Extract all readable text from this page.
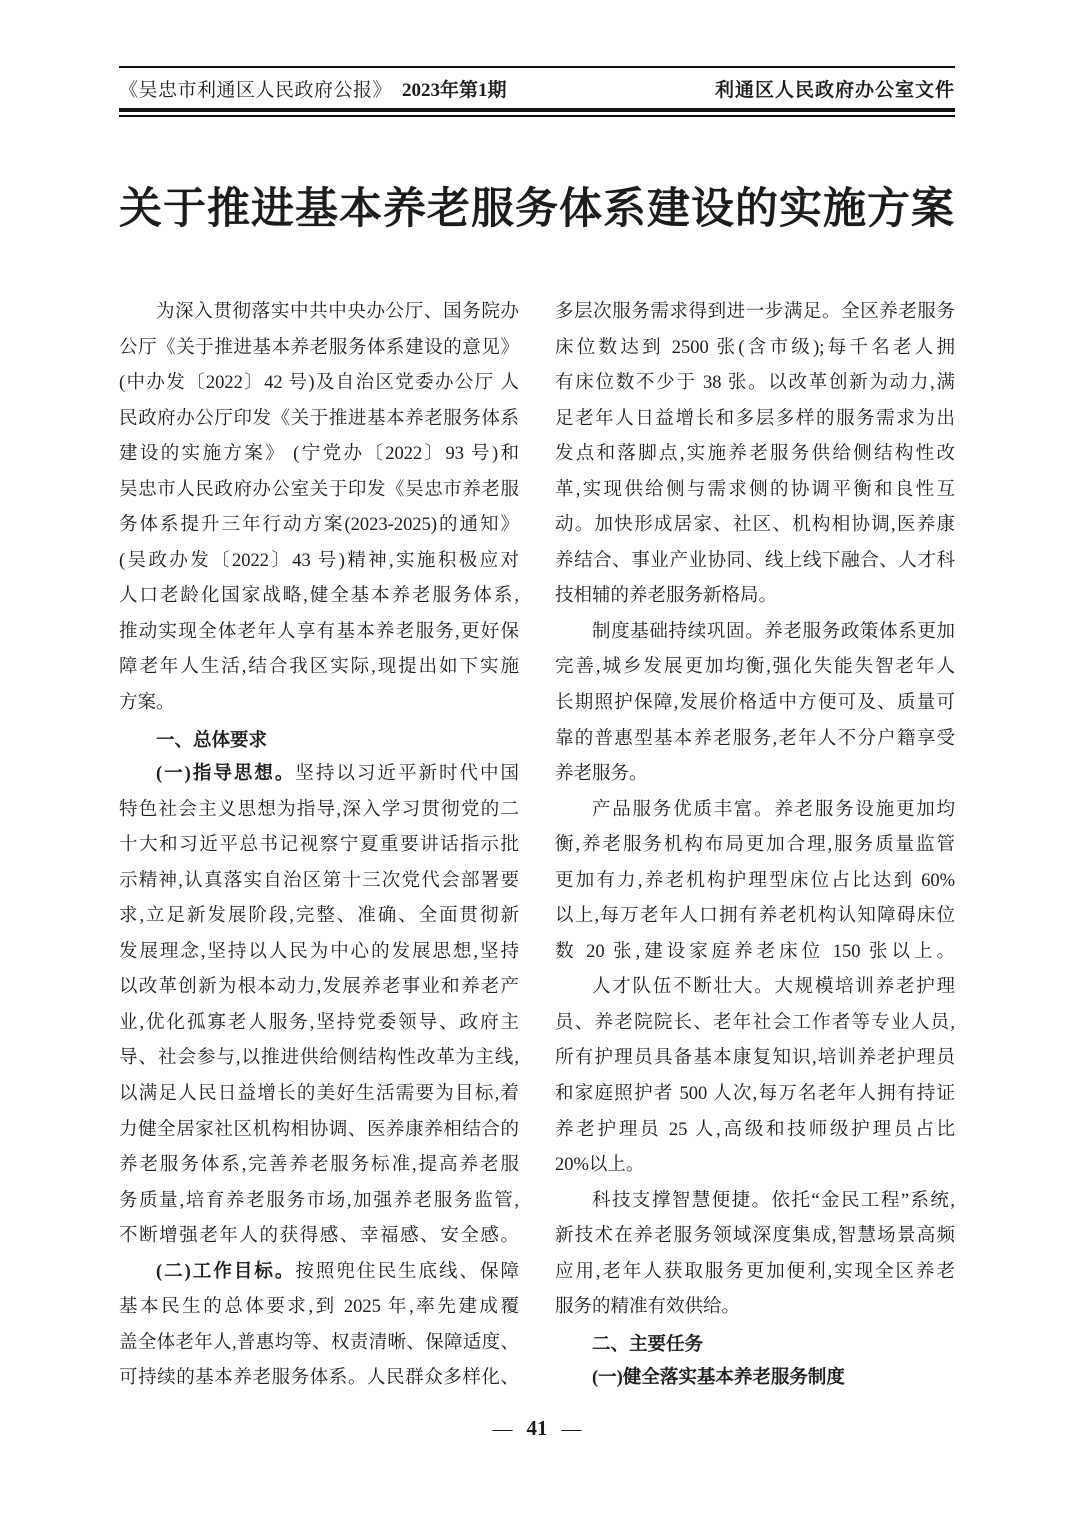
《吴忠市利通区人民政府公报》 2023年第1期	利通区人民政府办公室文件
关于推进基本养老服务体系建设的实施方案
为深入贯彻落实中共中央办公厅、国务院办
公厅《关于推进基本养老服务体系建设的意见》
(中办发〔2022〕42 号)及自治区党委办公厅 人
民政府办公厅印发《关于推进基本养老服务体系
建设的实施方案》 (宁党办〔2022〕93 号)和
吴忠市人民政府办公室关于印发《吴忠市养老服
务体系提升三年行动方案(2023-2025)的通知》
(吴政办发〔2022〕43 号)精神,实施积极应对
人口老龄化国家战略,健全基本养老服务体系,
推动实现全体老年人享有基本养老服务,更好保
障老年人生活,结合我区实际,现提出如下实施
方案。
一、总体要求
(一)指导思想。坚持以习近平新时代中国
特色社会主义思想为指导,深入学习贯彻党的二
十大和习近平总书记视察宁夏重要讲话指示批
示精神,认真落实自治区第十三次党代会部署要
求,立足新发展阶段,完整、准确、全面贯彻新
发展理念,坚持以人民为中心的发展思想,坚持
以改革创新为根本动力,发展养老事业和养老产
业,优化孤寡老人服务,坚持党委领导、政府主
导、社会参与,以推进供给侧结构性改革为主线,
以满足人民日益增长的美好生活需要为目标,着
力健全居家社区机构相协调、医养康养相结合的
养老服务体系,完善养老服务标准,提高养老服
务质量,培育养老服务市场,加强养老服务监管,
不断增强老年人的获得感、幸福感、安全感。
(二)工作目标。按照兜住民生底线、保障
基本民生的总体要求,到 2025 年,率先建成覆
盖全体老年人,普惠均等、权责清晰、保障适度、
可持续的基本养老服务体系。人民群众多样化、
多层次服务需求得到进一步满足。全区养老服务
床位数达到 2500 张(含市级);每千名老人拥
有床位数不少于 38 张。以改革创新为动力,满
足老年人日益增长和多层多样的服务需求为出
发点和落脚点,实施养老服务供给侧结构性改
革,实现供给侧与需求侧的协调平衡和良性互
动。加快形成居家、社区、机构相协调,医养康
养结合、事业产业协同、线上线下融合、人才科
技相辅的养老服务新格局。
制度基础持续巩固。养老服务政策体系更加
完善,城乡发展更加均衡,强化失能失智老年人
长期照护保障,发展价格适中方便可及、质量可
靠的普惠型基本养老服务,老年人不分户籍享受
养老服务。
产品服务优质丰富。养老服务设施更加均
衡,养老服务机构布局更加合理,服务质量监管
更加有力,养老机构护理型床位占比达到 60%
以上,每万老年人口拥有养老机构认知障碍床位
数 20 张,建设家庭养老床位 150 张以上。
人才队伍不断壮大。大规模培训养老护理
员、养老院院长、老年社会工作者等专业人员,
所有护理员具备基本康复知识,培训养老护理员
和家庭照护者 500 人次,每万名老年人拥有持证
养老护理员 25 人,高级和技师级护理员占比
20%以上。
科技支撑智慧便捷。依托“金民工程”系统,
新技术在养老服务领域深度集成,智慧场景高频
应用,老年人获取服务更加便利,实现全区养老
服务的精准有效供给。
二、主要任务
(一)健全落实基本养老服务制度
— 41 —
